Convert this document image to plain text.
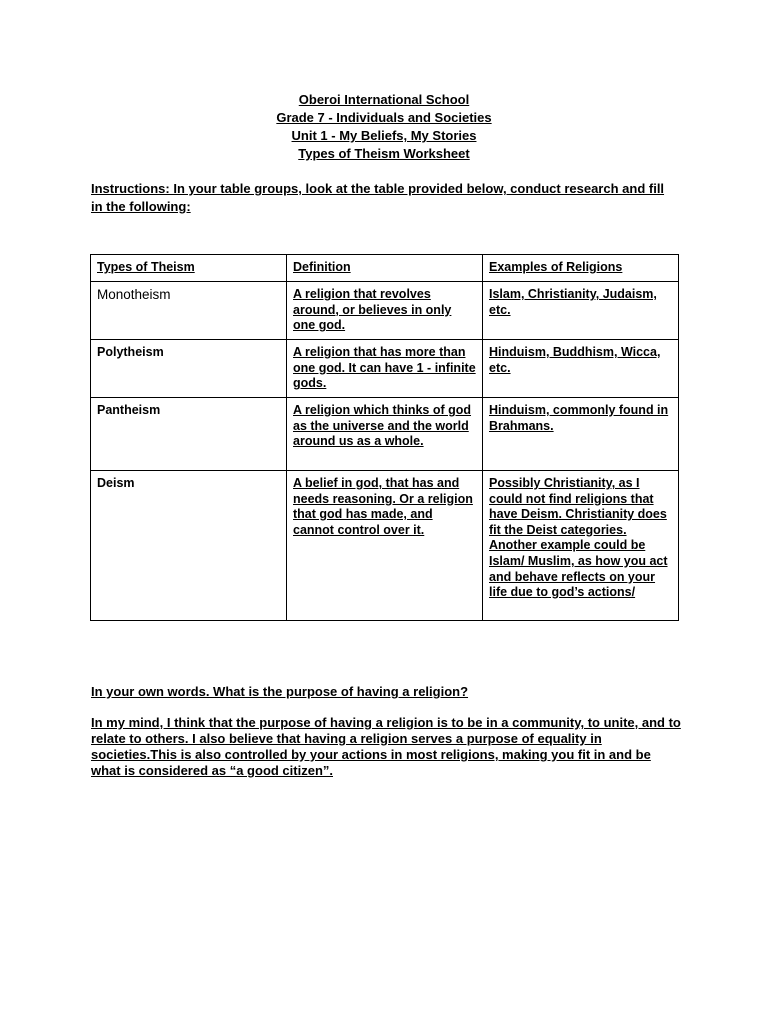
Oberoi International School
Grade 7 - Individuals and Societies
Unit 1 - My Beliefs, My Stories
Types of Theism Worksheet
Instructions: In your table groups, look at the table provided below, conduct research and fill in the following:
Types of Theism	Definition	Examples of Religions
Monotheism	A religion that revolves around, or believes in only one god.	Islam, Christianity, Judaism, etc.
Polytheism	A religion that has more than one god. It can have 1 - infinite gods.	Hinduism, Buddhism, Wicca, etc.
Pantheism	A religion which thinks of god as the universe and the world around us as a whole.	Hinduism, commonly found in Brahmans.
Deism	A belief in god, that has and needs reasoning. Or a religion that god has made, and cannot control over it.	Possibly Christianity, as I could not find religions that have Deism. Christianity does fit the Deist categories. Another example could be Islam/ Muslim, as how you act and behave reflects on your life due to god’s actions/
In your own words. What is the purpose of having a religion?
In my mind, I think that the purpose of having a religion is to be in a community, to unite, and to relate to others. I also believe that having a religion serves a purpose of equality in societies.This is also controlled by your actions in most religions, making you fit in and be what is considered as “a good citizen”.
